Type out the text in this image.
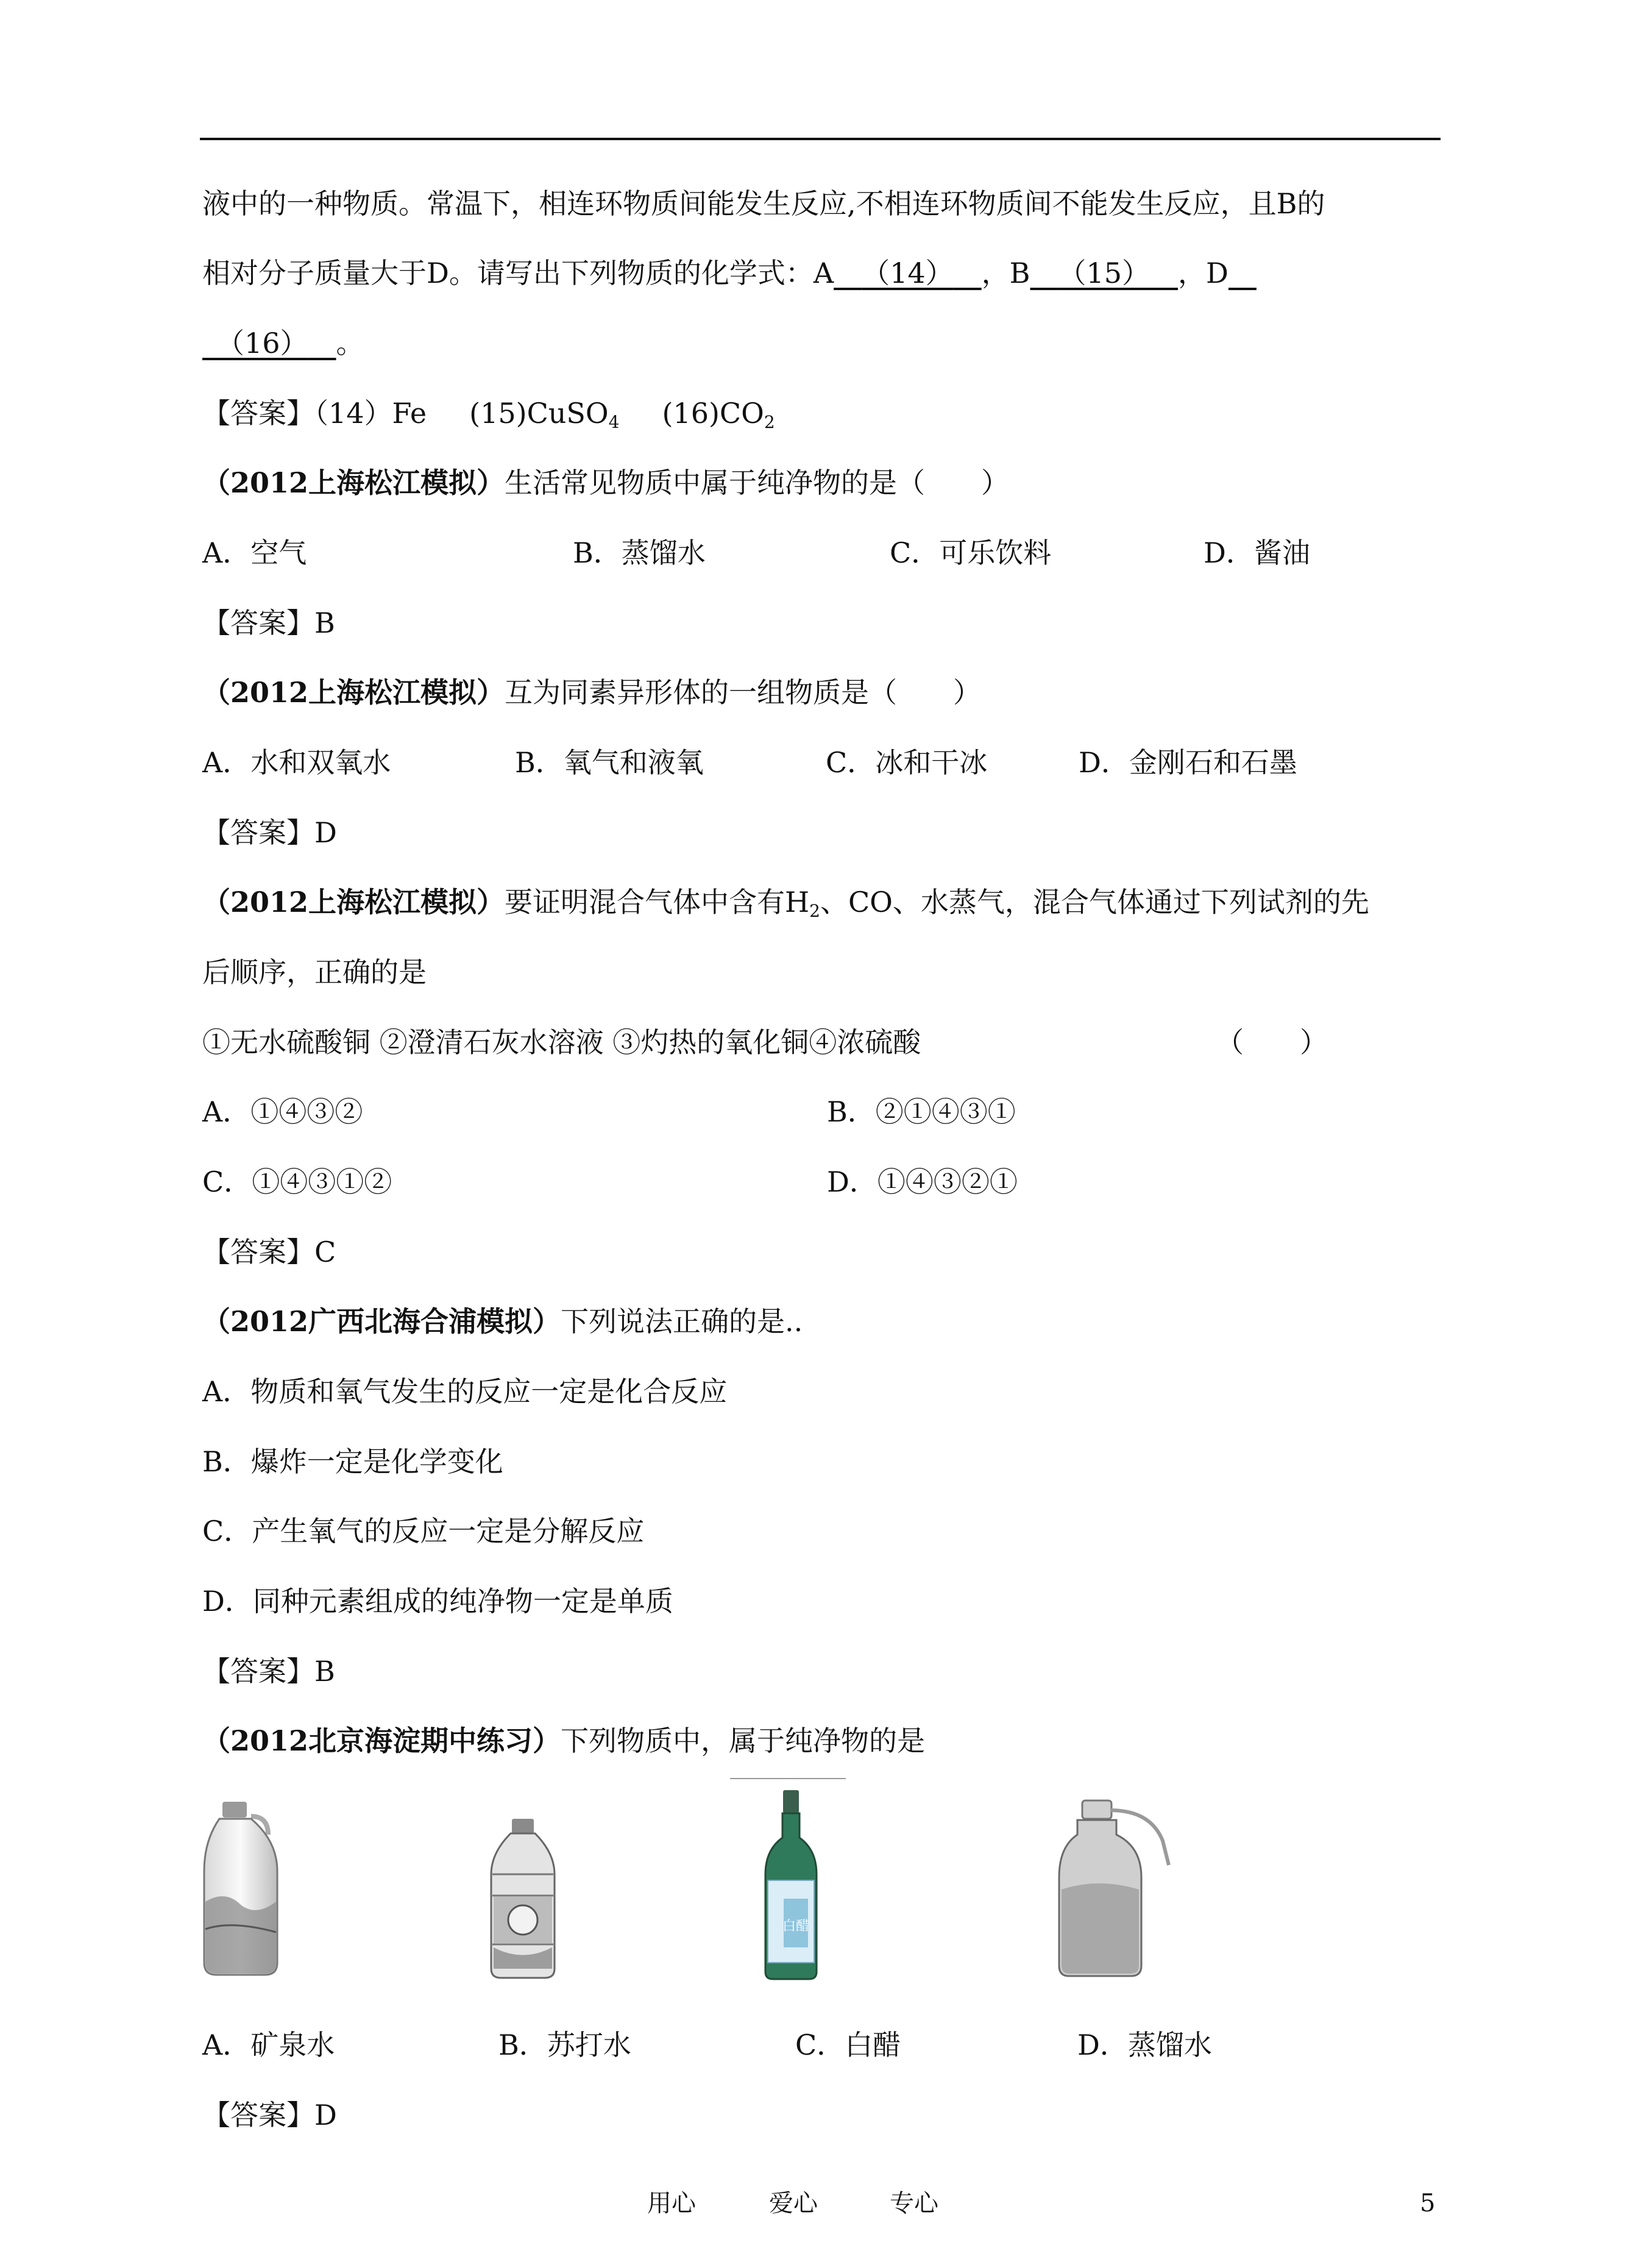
液中的一种物质。常温下，相连环物质间能发生反应,不相连环物质间不能发生反应，且B的
相对分子质量大于D。请写出下列物质的化学式：A   （14）   ，B   （15）   ，D  
 （16）   。
【答案】（14）Fe (15)CuSO$_4$ $(16)CO_2$
（2012上海松江模拟）生活常见物质中属于纯净物的是（　　）
A．空气	B．蒸馏水	C．可乐饮料	D．酱油
【答案】B
（2012上海松江模拟）互为同素异形体的一组物质是（　　）
A．水和双氧水	B．氧气和液氧	C．冰和干冰	D．金刚石和石墨
【答案】D
（2012上海松江模拟）要证明混合气体中含有$H_2$、CO、水蒸气，混合气体通过下列试剂的先
后顺序，正确的是
①无水硫酸铜 ②澄清石灰水溶液 ③灼热的氧化铜④浓硫酸	（　　）
A．①④③②	B．②①④③①
C．①④③①②	D．①④③②①
【答案】C
（2012广西北海合浦模拟）下列说法正确的是..
A．物质和氧气发生的反应一定是化合反应
B．爆炸一定是化学变化
C．产生氧气的反应一定是分解反应
D．同种元素组成的纯净物一定是单质
【答案】B
（2012北京海淀期中练习）下列物质中，属于纯净物的是
白醋
A．矿泉水	B．苏打水	C．白醋	D．蒸馏水
【答案】D
用心	爱心	专心	5
